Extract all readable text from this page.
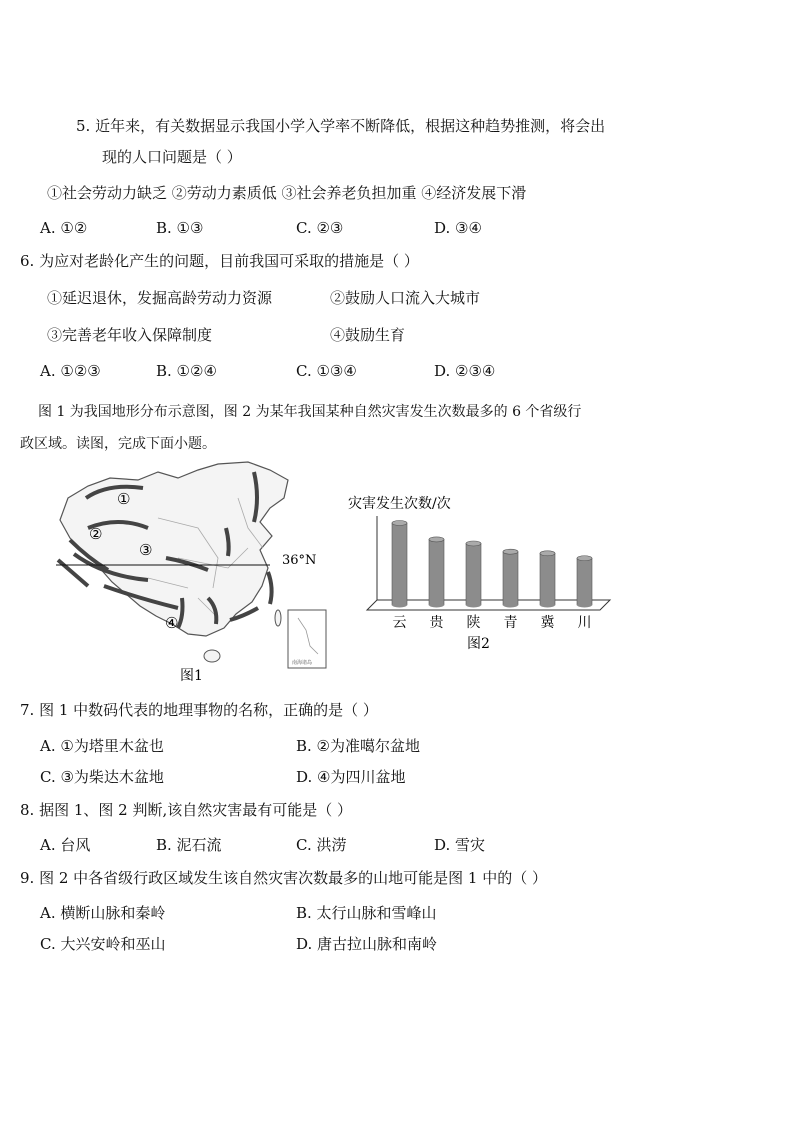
5. 近年来，有关数据显示我国小学入学率不断降低，根据这种趋势推测，将会出
现的人口问题是（ ）
①社会劳动力缺乏 ②劳动力素质低 ③社会养老负担加重 ④经济发展下滑
A. ①②	B. ①③	C. ②③	D. ③④
6. 为应对老龄化产生的问题，目前我国可采取的措施是（ ）
①延迟退休，发掘高龄劳动力资源	②鼓励人口流入大城市
③完善老年收入保障制度	④鼓励生育
A. ①②③	B. ①②④	C. ①③④	D. ②③④
图 1 为我国地形分布示意图，图 2 为某年我国某种自然灾害发生次数最多的 6 个省级行
政区域。读图，完成下面小题。
①
②
③
④
36°N
南海诸岛
图1
灾害发生次数/次
云 贵 陕 青 冀 川
图2
7. 图 1 中数码代表的地理事物的名称，正确的是（ ）
A. ①为塔里木盆也	B. ②为准噶尔盆地
C. ③为柴达木盆地	D. ④为四川盆地
8. 据图 1、图 2 判断,该自然灾害最有可能是（ ）
A. 台风	B. 泥石流	C. 洪涝	D. 雪灾
9. 图 2 中各省级行政区域发生该自然灾害次数最多的山地可能是图 1 中的（ ）
A. 横断山脉和秦岭	B. 太行山脉和雪峰山
C. 大兴安岭和巫山	D. 唐古拉山脉和南岭
